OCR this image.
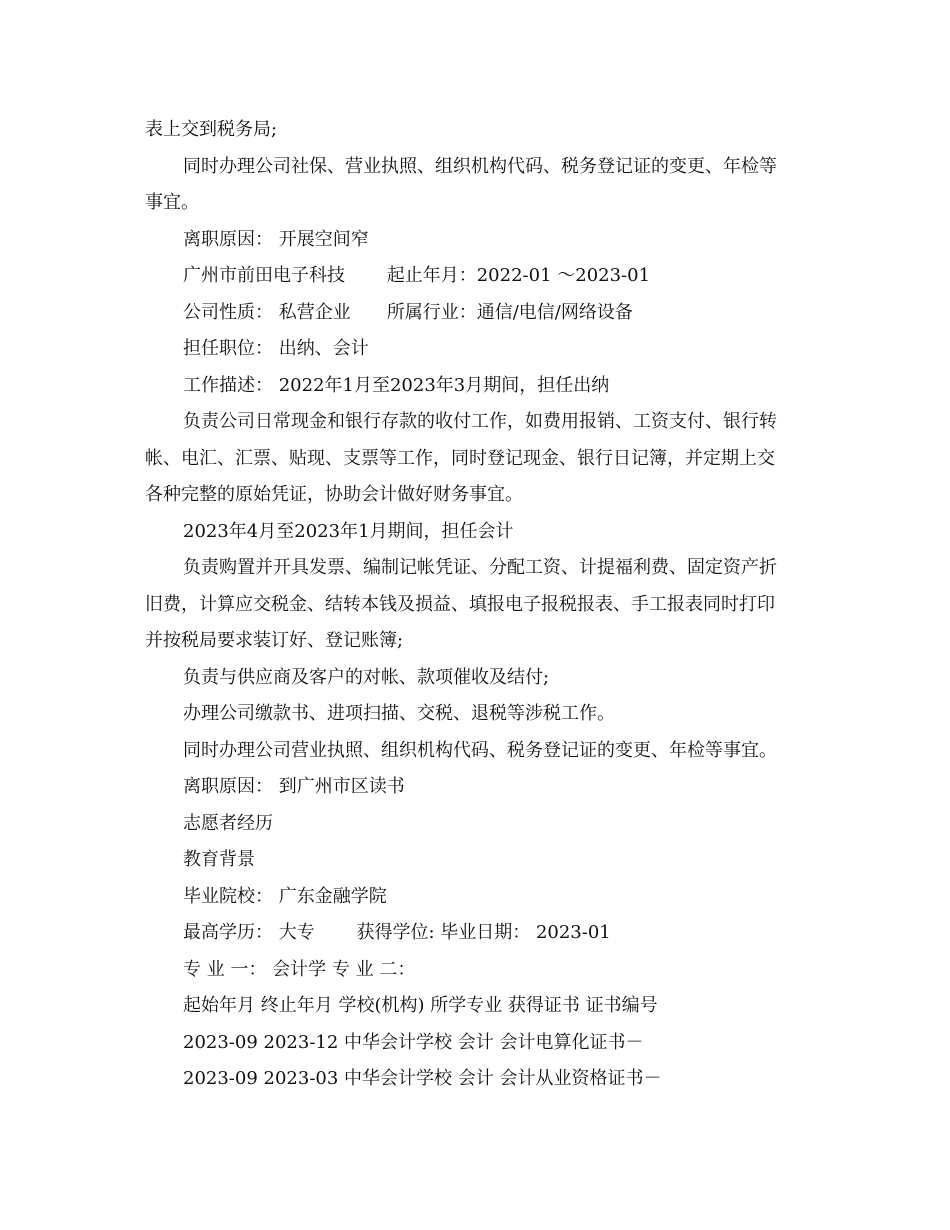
表上交到税务局;
同时办理公司社保、营业执照、组织机构代码、税务登记证的变更、年检等
事宜。
离职原因： 开展空间窄
广州市前田电子科技　　 起止年月：2022-01 ～2023-01
公司性质： 私营企业　　所属行业：通信/电信/网络设备
担任职位： 出纳、会计
工作描述： 2022年1月至2023年3月期间，担任出纳
负责公司日常现金和银行存款的收付工作，如费用报销、工资支付、银行转
帐、电汇、汇票、贴现、支票等工作，同时登记现金、银行日记簿，并定期上交
各种完整的原始凭证，协助会计做好财务事宜。
2023年4月至2023年1月期间，担任会计
负责购置并开具发票、编制记帐凭证、分配工资、计提福利费、固定资产折
旧费，计算应交税金、结转本钱及损益、填报电子报税报表、手工报表同时打印
并按税局要求装订好、登记账簿;
负责与供应商及客户的对帐、款项催收及结付;
办理公司缴款书、进项扫描、交税、退税等涉税工作。
同时办理公司营业执照、组织机构代码、税务登记证的变更、年检等事宜。
离职原因： 到广州市区读书
志愿者经历
教育背景
毕业院校： 广东金融学院
最高学历： 大专　　 获得学位: 毕业日期： 2023-01
专 业 一： 会计学 专 业 二：
起始年月 终止年月 学校(机构) 所学专业 获得证书 证书编号
2023-09 2023-12 中华会计学校 会计 会计电算化证书－
2023-09 2023-03 中华会计学校 会计 会计从业资格证书－
